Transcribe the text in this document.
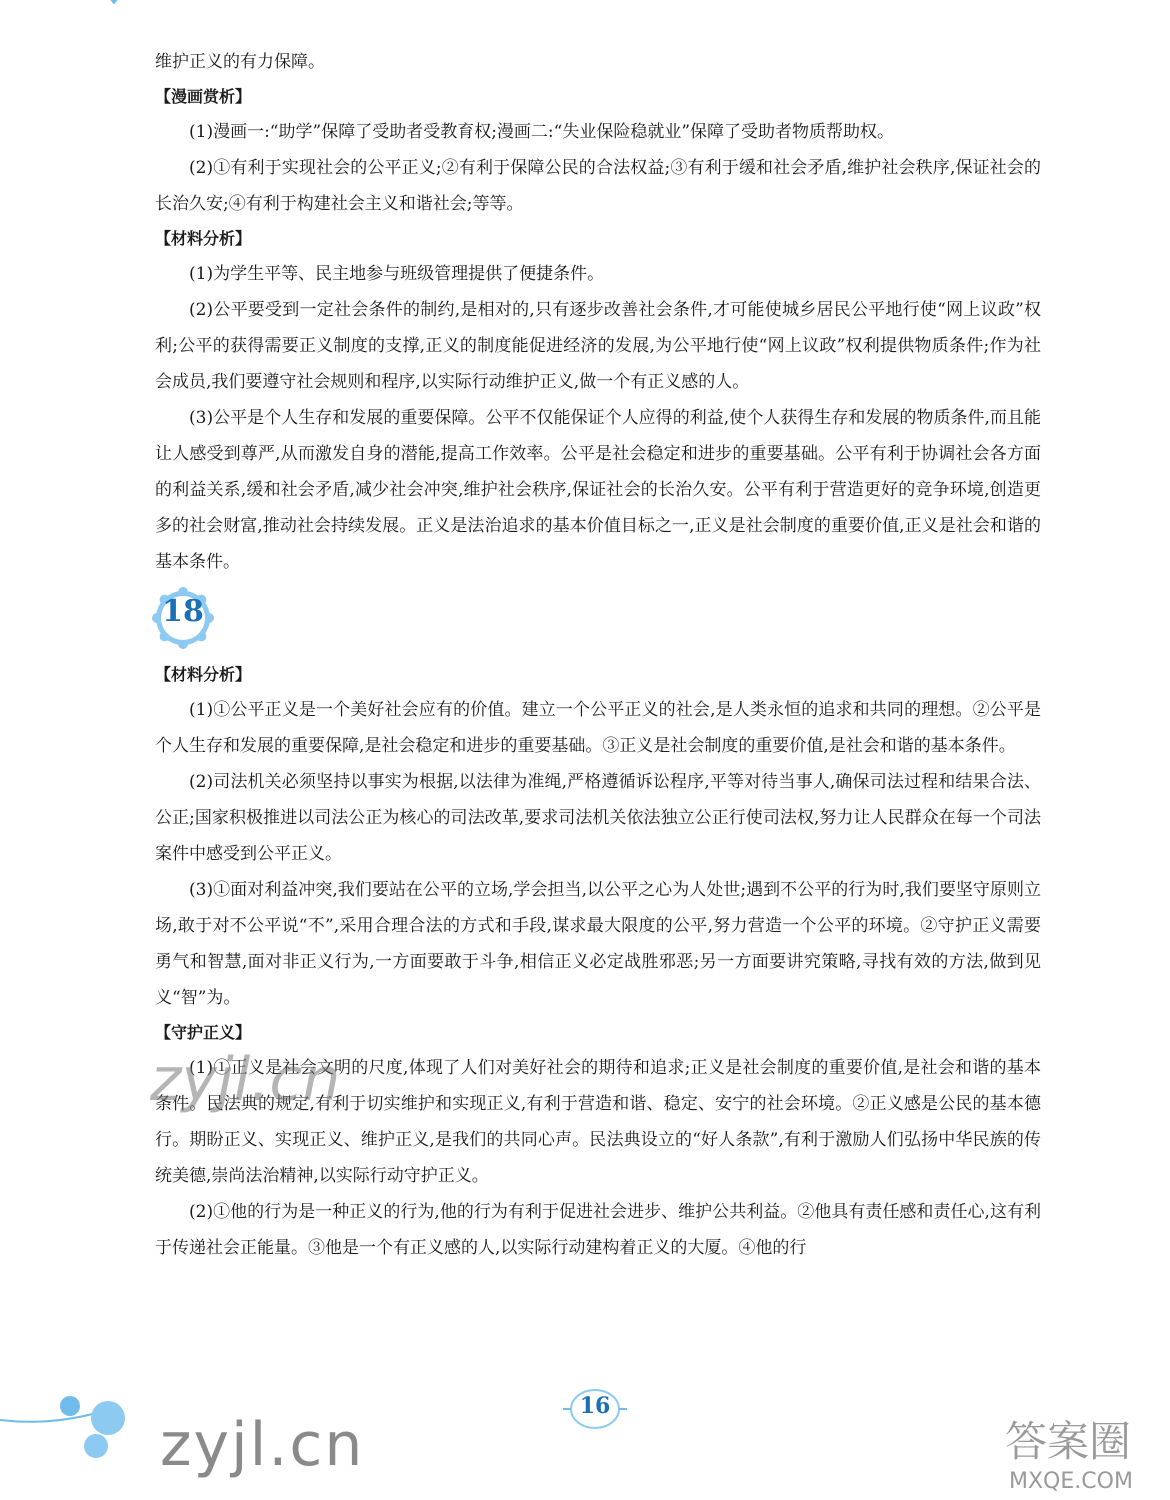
维护正义的有力保障。

【漫画赏析】

(1)漫画一:“助学”保障了受助者受教育权;漫画二:“失业保险稳就业”保障了受助者物质帮助权。

(2)①有利于实现社会的公平正义;②有利于保障公民的合法权益;③有利于缓和社会矛盾,维护社会秩序,保证社会的长治久安;④有利于构建社会主义和谐社会;等等。

【材料分析】

(1)为学生平等、民主地参与班级管理提供了便捷条件。

(2)公平要受到一定社会条件的制约,是相对的,只有逐步改善社会条件,才可能使城乡居民公平地行使“网上议政”权利;公平的获得需要正义制度的支撑,正义的制度能促进经济的发展,为公平地行使“网上议政”权利提供物质条件;作为社会成员,我们要遵守社会规则和程序,以实际行动维护正义,做一个有正义感的人。

(3)公平是个人生存和发展的重要保障。公平不仅能保证个人应得的利益,使个人获得生存和发展的物质条件,而且能让人感受到尊严,从而激发自身的潜能,提高工作效率。公平是社会稳定和进步的重要基础。公平有利于协调社会各方面的利益关系,缓和社会矛盾,减少社会冲突,维护社会秩序,保证社会的长治久安。公平有利于营造更好的竞争环境,创造更多的社会财富,推动社会持续发展。正义是法治追求的基本价值目标之一,正义是社会制度的重要价值,正义是社会和谐的基本条件。

18

【材料分析】

(1)①公平正义是一个美好社会应有的价值。建立一个公平正义的社会,是人类永恒的追求和共同的理想。②公平是个人生存和发展的重要保障,是社会稳定和进步的重要基础。③正义是社会制度的重要价值,是社会和谐的基本条件。

(2)司法机关必须坚持以事实为根据,以法律为准绳,严格遵循诉讼程序,平等对待当事人,确保司法过程和结果合法、公正;国家积极推进以司法公正为核心的司法改革,要求司法机关依法独立公正行使司法权,努力让人民群众在每一个司法案件中感受到公平正义。

(3)①面对利益冲突,我们要站在公平的立场,学会担当,以公平之心为人处世;遇到不公平的行为时,我们要坚守原则立场,敢于对不公平说“不”,采用合理合法的方式和手段,谋求最大限度的公平,努力营造一个公平的环境。②守护正义需要勇气和智慧,面对非正义行为,一方面要敢于斗争,相信正义必定战胜邪恶;另一方面要讲究策略,寻找有效的方法,做到见义“智”为。

【守护正义】

(1)①正义是社会文明的尺度,体现了人们对美好社会的期待和追求;正义是社会制度的重要价值,是社会和谐的基本条件。民法典的规定,有利于切实维护和实现正义,有利于营造和谐、稳定、安宁的社会环境。②正义感是公民的基本德行。期盼正义、实现正义、维护正义,是我们的共同心声。民法典设立的“好人条款”,有利于激励人们弘扬中华民族的传统美德,崇尚法治精神,以实际行动守护正义。

(2)①他的行为是一种正义的行为,他的行为有利于促进社会进步、维护公共利益。②他具有责任感和责任心,这有利于传递社会正能量。③他是一个有正义感的人,以实际行动建构着正义的大厦。④他的行

zyjl.cn
zyjl.cn
16
答案圈
MXQE.COM
